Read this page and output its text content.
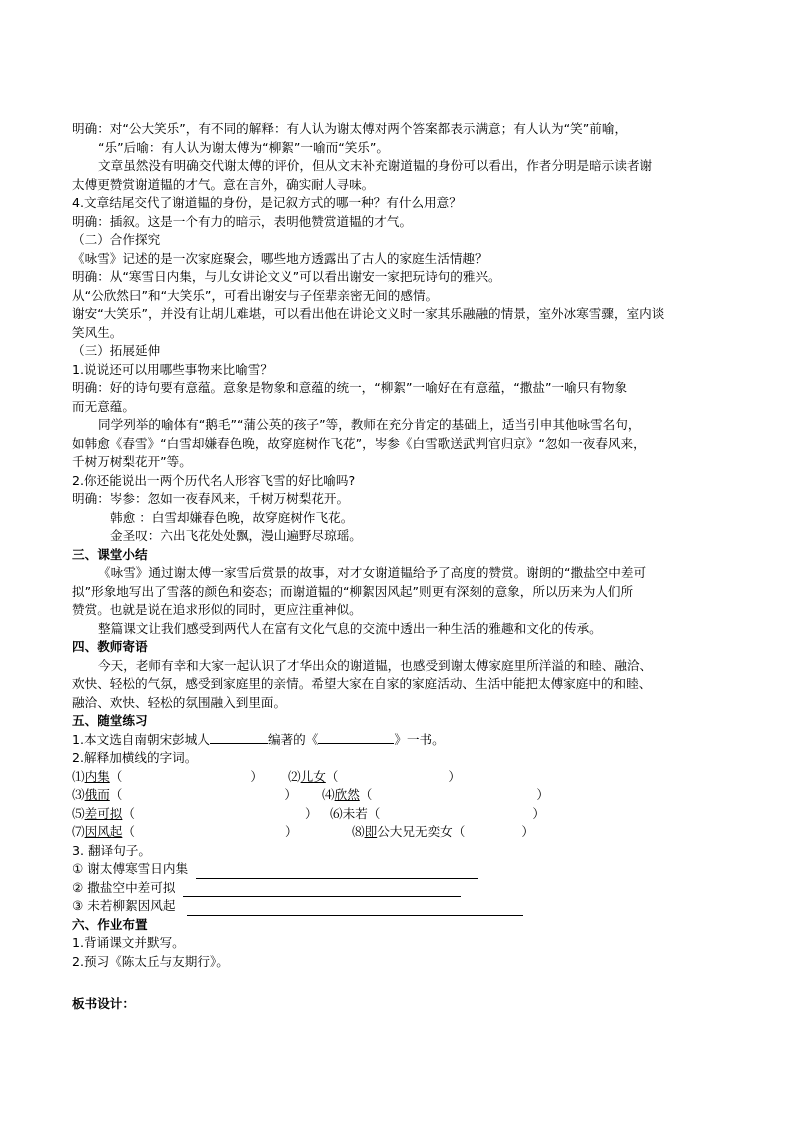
明确：对“公大笑乐”，有不同的解释：有人认为谢太傅对两个答案都表示满意；有人认为“笑”前喻，

“乐”后喻：有人认为谢太傅为“柳絮”一喻而“笑乐”。

文章虽然没有明确交代谢太傅的评价，但从文末补充谢道韫的身份可以看出，作者分明是暗示读者谢

太傅更赞赏谢道韫的才气。意在言外，确实耐人寻味。

4.文章结尾交代了谢道韫的身份，是记叙方式的哪一种？有什么用意？

明确：插叙。这是一个有力的暗示，表明他赞赏道韫的才气。

（二）合作探究

《咏雪》记述的是一次家庭聚会，哪些地方透露出了古人的家庭生活情趣？

明确：从“寒雪日内集，与儿女讲论文义”可以看出谢安一家把玩诗句的雅兴。

从“公欣然曰”和“大笑乐”，可看出谢安与子侄辈亲密无间的感情。

谢安“大笑乐”，并没有让胡儿难堪，可以看出他在讲论文义时一家其乐融融的情景，室外冰寒雪骤，室内谈

笑风生。

（三）拓展延伸

1.说说还可以用哪些事物来比喻雪？

明确：好的诗句要有意蕴。意象是物象和意蕴的统一，“柳絮”一喻好在有意蕴，“撒盐”一喻只有物象

而无意蕴。

同学列举的喻体有“鹅毛”“蒲公英的孩子”等，教师在充分肯定的基础上，适当引申其他咏雪名句，

如韩愈《春雪》“白雪却嫌春色晚，故穿庭树作飞花”，岑参《白雪歌送武判官归京》“忽如一夜春风来，

千树万树梨花开”等。

2.你还能说出一两个历代名人形容飞雪的好比喻吗?

明确：岑参：忽如一夜春风来，千树万树梨花开。

韩愈 ：白雪却嫌春色晚，故穿庭树作飞花。

金圣叹：六出飞花处处飘，漫山遍野尽琼瑶。

三、课堂小结

《咏雪》通过谢太傅一家雪后赏景的故事，对才女谢道韫给予了高度的赞赏。谢朗的“撒盐空中差可

拟”形象地写出了雪落的颜色和姿态；而谢道韫的“柳絮因风起”则更有深刻的意象，所以历来为人们所

赞赏。也就是说在追求形似的同时，更应注重神似。

整篇课文让我们感受到两代人在富有文化气息的交流中透出一种生活的雅趣和文化的传承。

四、教师寄语

今天，老师有幸和大家一起认识了才华出众的谢道韫，也感受到谢太傅家庭里所洋溢的和睦、融洽、

欢快、轻松的气氛，感受到家庭里的亲情。希望大家在自家的家庭活动、生活中能把太傅家庭中的和睦、

融洽、欢快、轻松的氛围融入到里面。

五、随堂练习

1.本文选自南朝宋彭城人	编著的《	》一书。

2.解释加横线的字词。

⑴内集（	）	⑵儿女（	）
⑶俄而（	）	⑷欣然（	）
⑸差可拟（	） ⑹未若（	）
⑺因风起（	）	⑻即公大兄无奕女（	）

3. 翻译句子。

① 谢太傅寒雪日内集
② 撒盐空中差可拟
③ 未若柳絮因风起

六、作业布置

1.背诵课文并默写。

2.预习《陈太丘与友期行》。

板书设计：
